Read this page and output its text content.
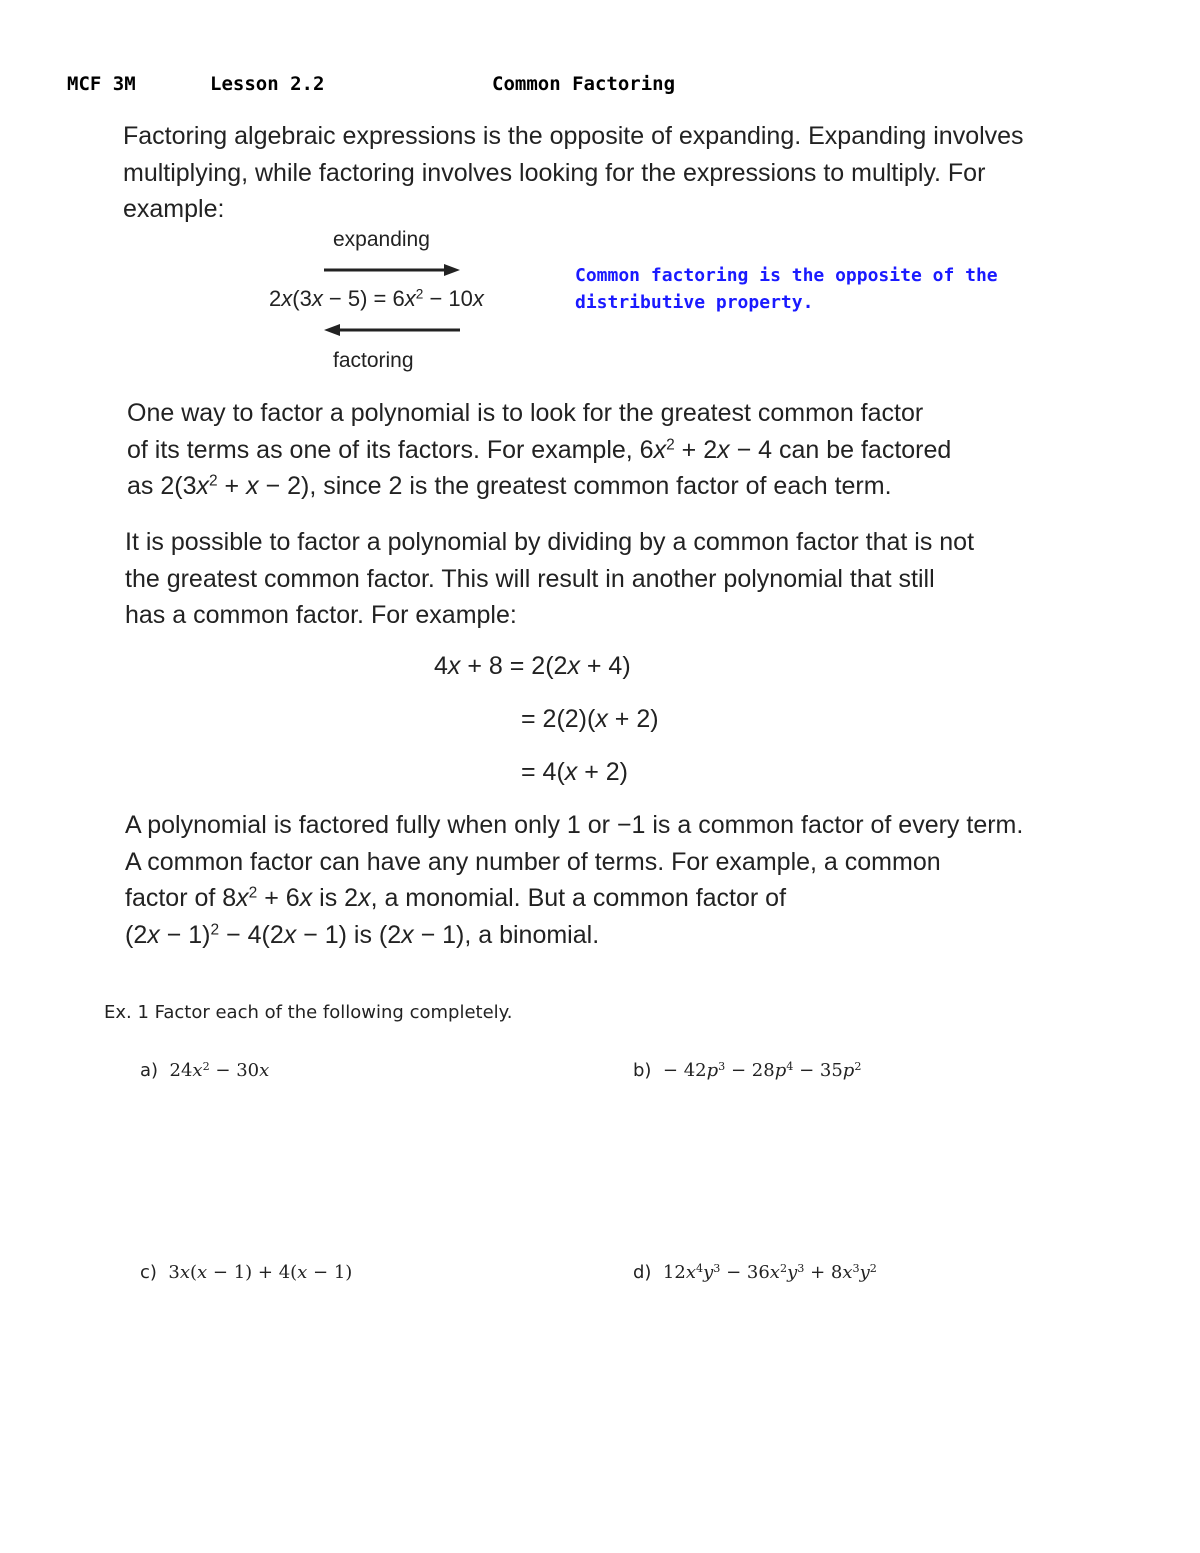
MCF 3M	Lesson 2.2	Common Factoring
Factoring algebraic expressions is the opposite of expanding. Expanding involves
multiplying, while factoring involves looking for the expressions to multiply. For
example:
expanding
$2x(3x - 5) = 6x^2 - 10x$
factoring
Common factoring is the opposite of the
distributive property.
One way to factor a polynomial is to look for the greatest common factor
of its terms as one of its factors. For example, $6x^2 + 2x - 4$ can be factored
as $2(3x^2 + x - 2)$, since 2 is the greatest common factor of each term.
It is possible to factor a polynomial by dividing by a common factor that is not
the greatest common factor. This will result in another polynomial that still
has a common factor. For example:
4x + 8 = 2(2x + 4)
= 2(2)(x + 2)
= 4(x + 2)
A polynomial is factored fully when only 1 or −1 is a common factor of every term.
A common factor can have any number of terms. For example, a common
factor of $8x^2 + 6x$ is 2x, a monomial. But a common factor of
$(2x - 1)^2 - 4(2x - 1)$ is (2x − 1), a binomial.
Ex. 1 Factor each of the following completely.
a) $24x^2 - 30x$	$b) - 42p^3 - 28p^4 - 35p^2$
c) 3x(x − 1) + 4(x − 1)	d) $12x^4y^3 - 36x^2y^3 + 8x^3y^2$
